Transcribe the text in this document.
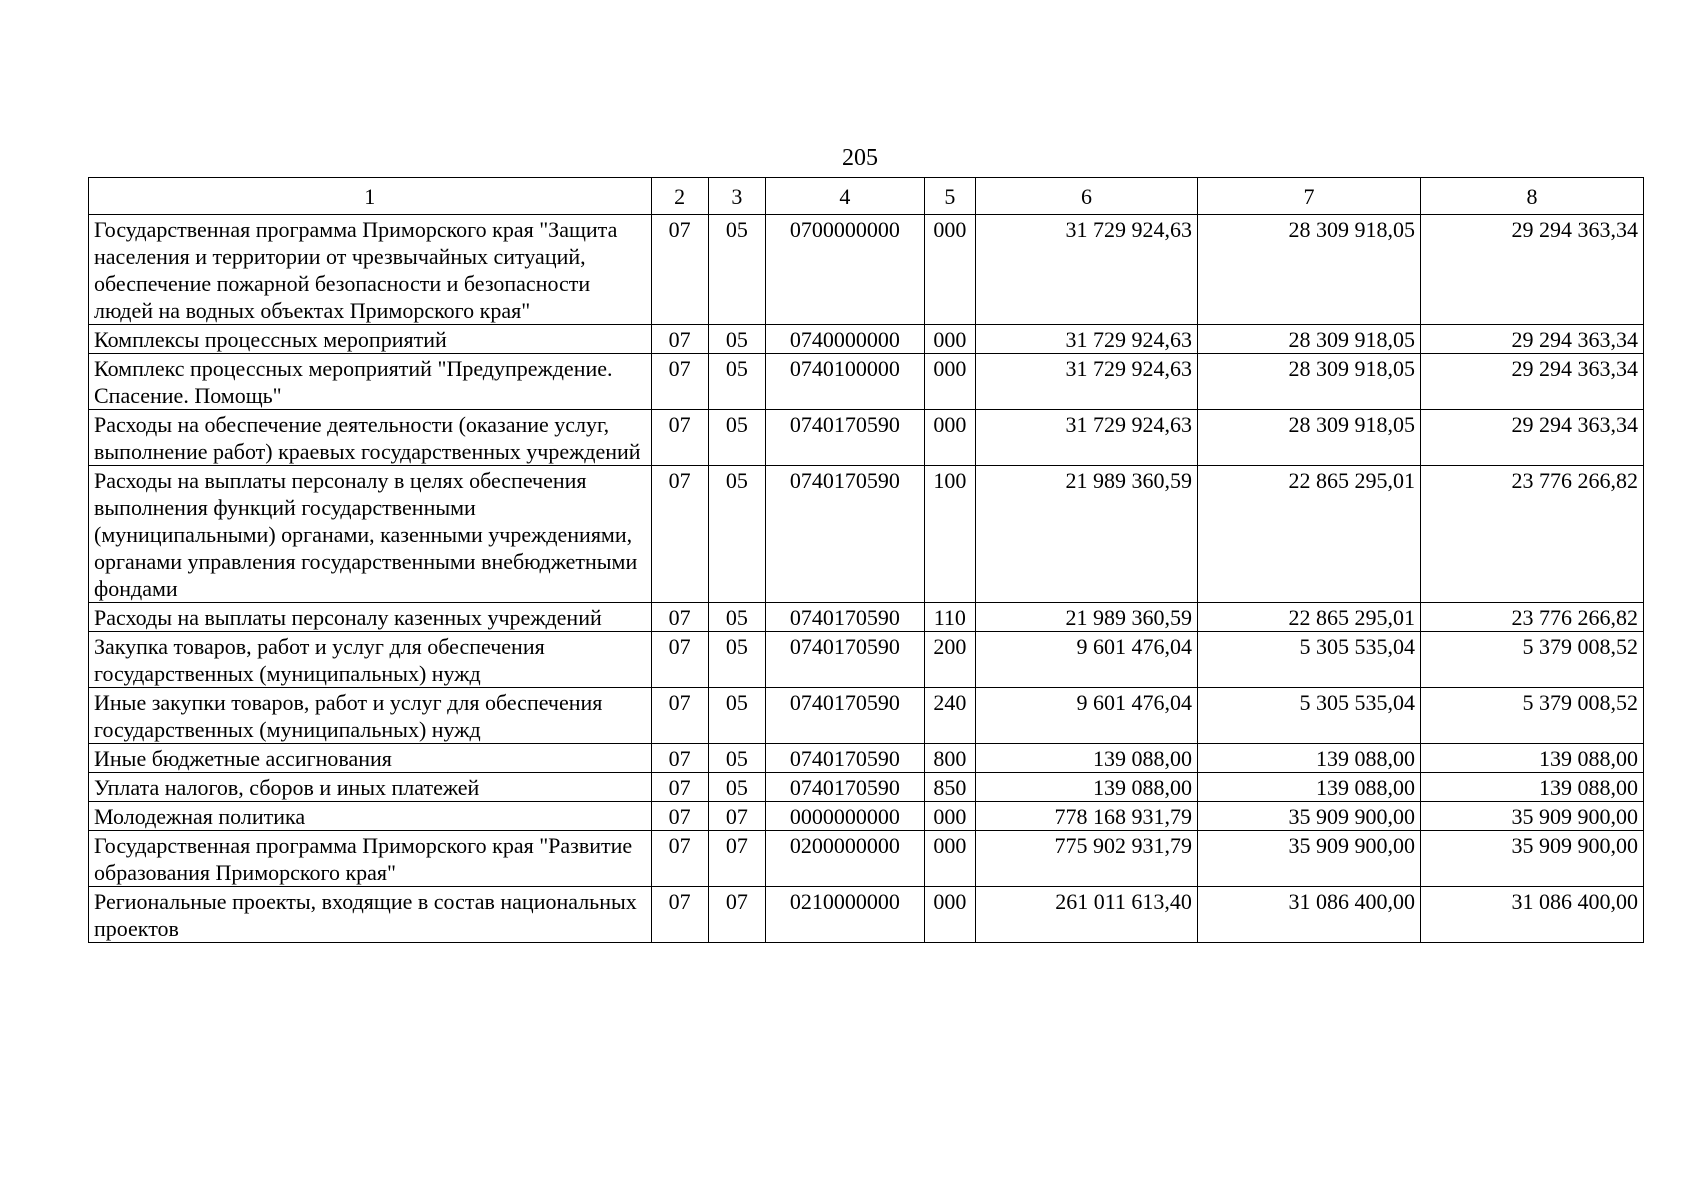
205
1	2	3	4	5	6	7	8
Государственная программа Приморского края "Защита населения и территории от чрезвычайных ситуаций, обеспечение пожарной безопасности и безопасности людей на водных объектах Приморского края"	07	05	0700000000	000	31 729 924,63	28 309 918,05	29 294 363,34
Комплексы процессных мероприятий	07	05	0740000000	000	31 729 924,63	28 309 918,05	29 294 363,34
Комплекс процессных мероприятий "Предупреждение. Спасение. Помощь"	07	05	0740100000	000	31 729 924,63	28 309 918,05	29 294 363,34
Расходы на обеспечение деятельности (оказание услуг, выполнение работ) краевых государственных учреждений	07	05	0740170590	000	31 729 924,63	28 309 918,05	29 294 363,34
Расходы на выплаты персоналу в целях обеспечения выполнения функций государственными (муниципальными) органами, казенными учреждениями, органами управления государственными внебюджетными фондами	07	05	0740170590	100	21 989 360,59	22 865 295,01	23 776 266,82
Расходы на выплаты персоналу казенных учреждений	07	05	0740170590	110	21 989 360,59	22 865 295,01	23 776 266,82
Закупка товаров, работ и услуг для обеспечения государственных (муниципальных) нужд	07	05	0740170590	200	9 601 476,04	5 305 535,04	5 379 008,52
Иные закупки товаров, работ и услуг для обеспечения государственных (муниципальных) нужд	07	05	0740170590	240	9 601 476,04	5 305 535,04	5 379 008,52
Иные бюджетные ассигнования	07	05	0740170590	800	139 088,00	139 088,00	139 088,00
Уплата налогов, сборов и иных платежей	07	05	0740170590	850	139 088,00	139 088,00	139 088,00
Молодежная политика	07	07	0000000000	000	778 168 931,79	35 909 900,00	35 909 900,00
Государственная программа Приморского края "Развитие образования Приморского края"	07	07	0200000000	000	775 902 931,79	35 909 900,00	35 909 900,00
Региональные проекты, входящие в состав национальных проектов	07	07	0210000000	000	261 011 613,40	31 086 400,00	31 086 400,00
